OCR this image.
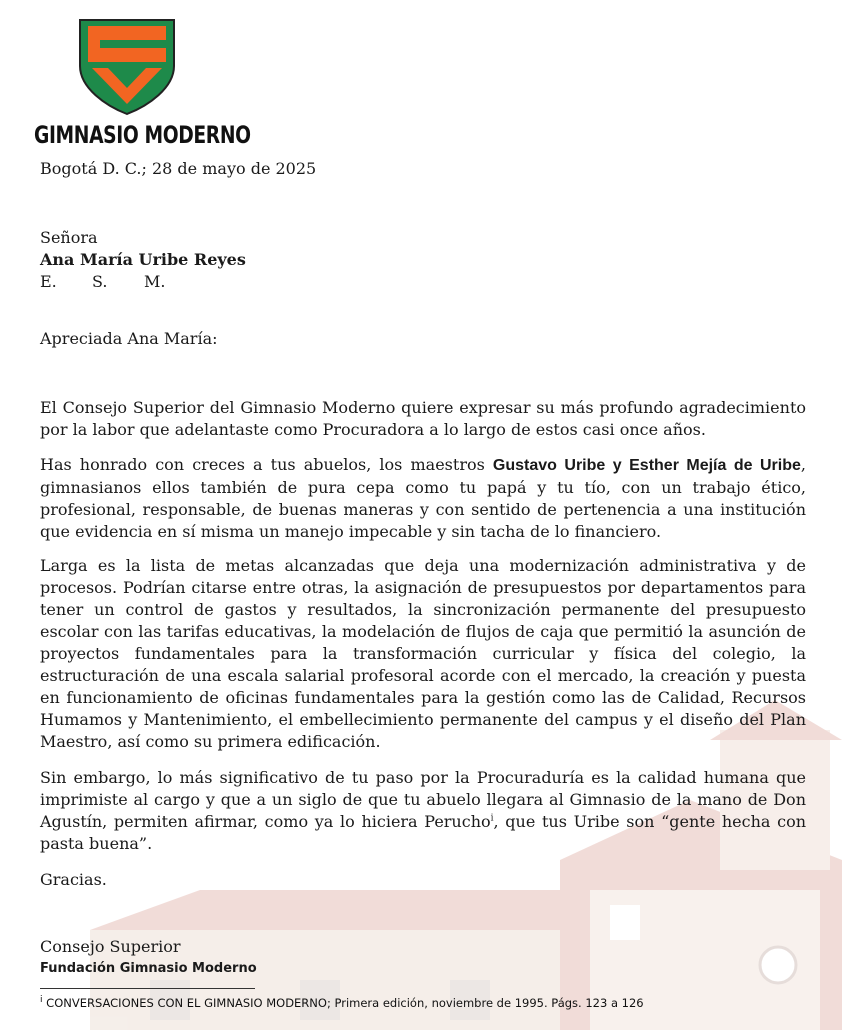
GIMNASIO MODERNO
Bogotá D. C.; 28 de mayo de 2025
Señora
Ana María Uribe Reyes
E. S. M.
Apreciada Ana María:

El Consejo Superior del Gimnasio Moderno quiere expresar su más profundo agradecimiento por la labor que adelantaste como Procuradora a lo largo de estos casi once años.

Has honrado con creces a tus abuelos, los maestros Gustavo Uribe y Esther Mejía de Uribe, gimnasianos ellos también de pura cepa como tu papá y tu tío, con un trabajo ético, profesional, responsable, de buenas maneras y con sentido de pertenencia a una institución que evidencia en sí misma un manejo impecable y sin tacha de lo financiero.

Larga es la lista de metas alcanzadas que deja una modernización administrativa y de procesos. Podrían citarse entre otras, la asignación de presupuestos por departamentos para tener un control de gastos y resultados, la sincronización permanente del presupuesto escolar con las tarifas educativas, la modelación de flujos de caja que permitió la asunción de proyectos fundamentales para la transformación curricular y física del colegio, la estructuración de una escala salarial profesoral acorde con el mercado, la creación y puesta en funcionamiento de oficinas fundamentales para la gestión como las de Calidad, Recursos Humamos y Mantenimiento, el embellecimiento permanente del campus y el diseño del Plan Maestro, así como su primera edificación.

Sin embargo, lo más significativo de tu paso por la Procuraduría es la calidad humana que imprimiste al cargo y que a un siglo de que tu abuelo llegara al Gimnasio de la mano de Don Agustín, permiten afirmar, como ya lo hiciera Perucho$^i$, que tus Uribe son “gente hecha con pasta buena”.

Gracias.
Consejo Superior
Fundación Gimnasio Moderno
$^i$ CONVERSACIONES CON EL GIMNASIO MODERNO; Primera edición, noviembre de 1995. Págs. 123 a 126
